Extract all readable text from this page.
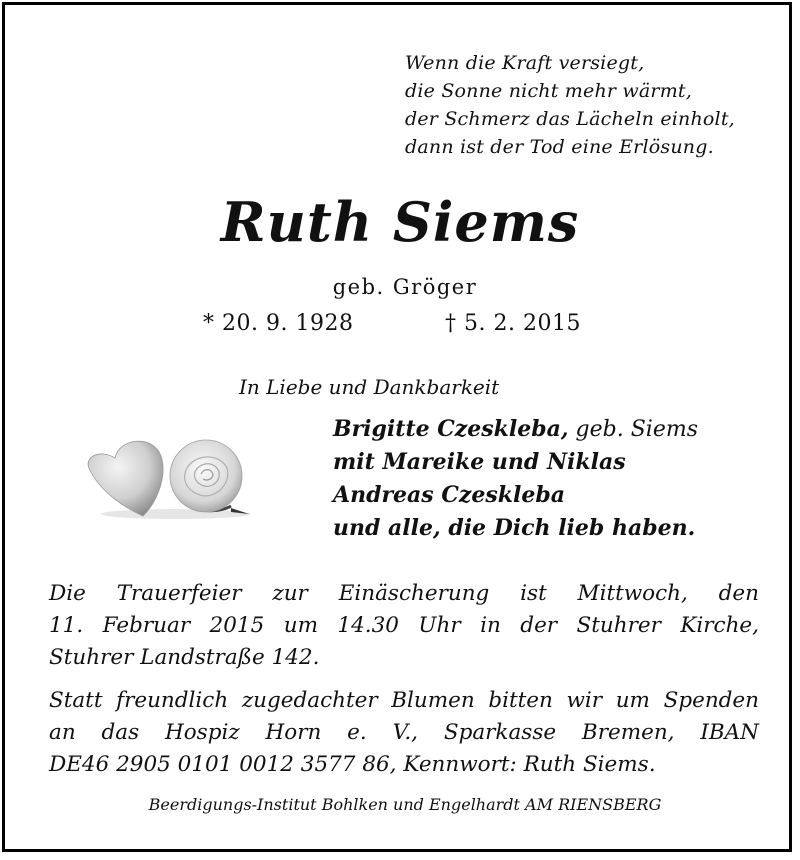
Wenn die Kraft versiegt,
die Sonne nicht mehr wärmt,
der Schmerz das Lächeln einholt,
dann ist der Tod eine Erlösung.
Ruth Siems
geb. Gröger
* 20. 9. 1928	† 5. 2. 2015
In Liebe und Dankbarkeit
Brigitte Czeskleba, geb. Siems
mit Mareike und Niklas
Andreas Czeskleba
und alle, die Dich lieb haben.
Die Trauerfeier zur Einäscherung ist Mittwoch, den
11. Februar 2015 um 14.30 Uhr in der Stuhrer Kirche,
Stuhrer Landstraße 142.
Statt freundlich zugedachter Blumen bitten wir um Spenden
an das Hospiz Horn e. V., Sparkasse Bremen, IBAN
DE46 2905 0101 0012 3577 86, Kennwort: Ruth Siems.
Beerdigungs-Institut Bohlken und Engelhardt AM RIENSBERG
